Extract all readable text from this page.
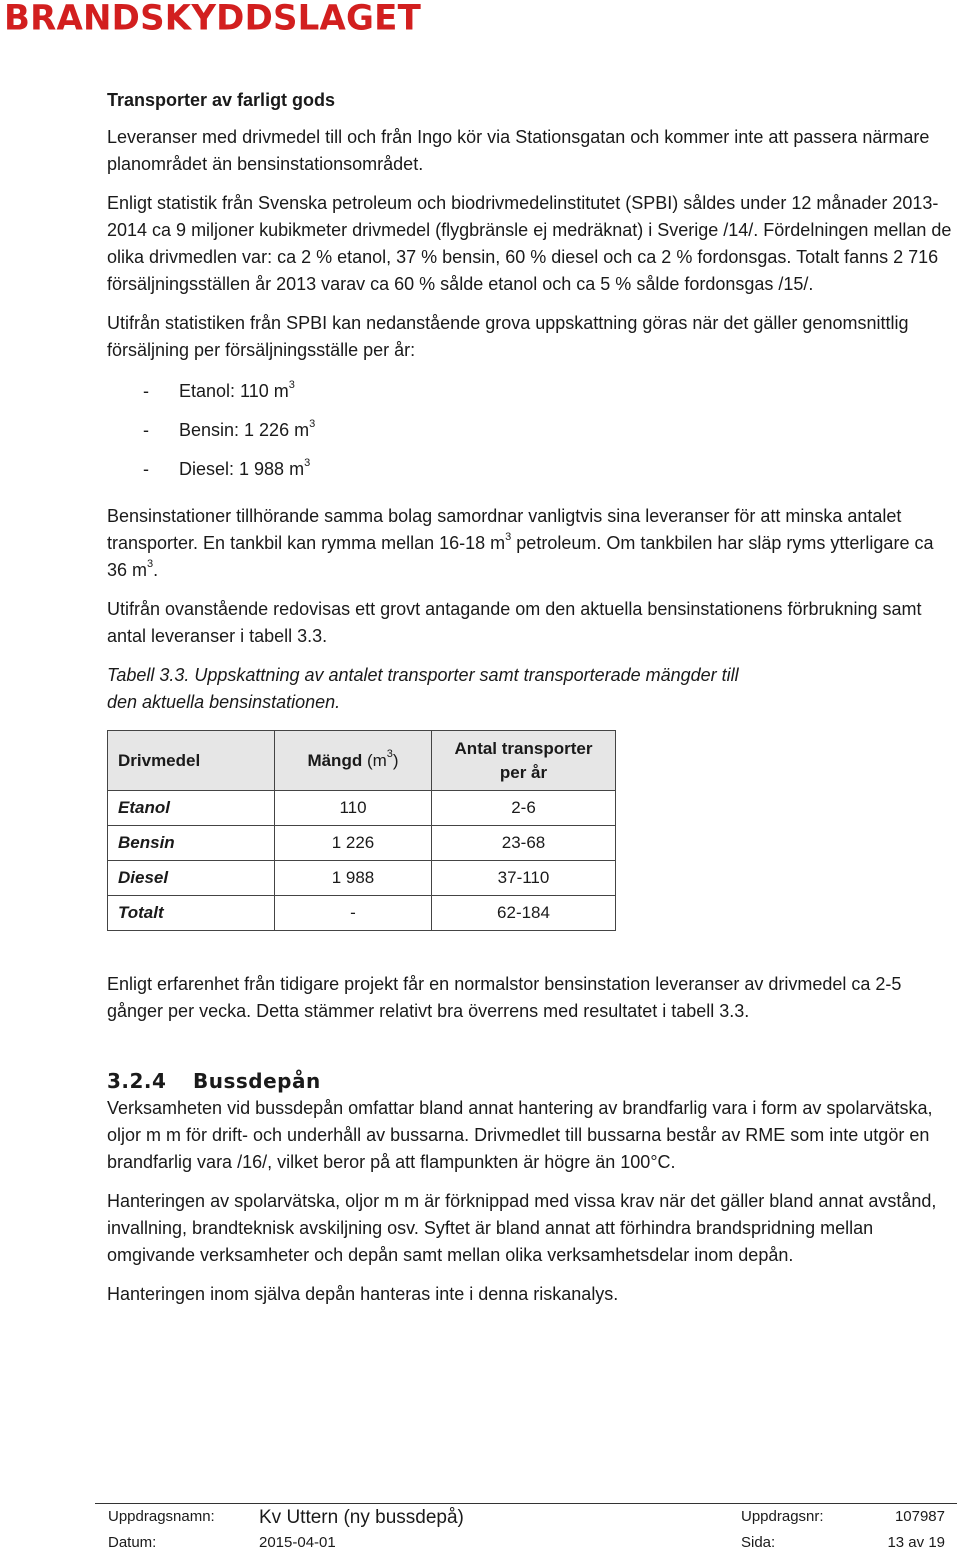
BRANDSKYDDSLAGET
Transporter av farligt gods

Leveranser med drivmedel till och från Ingo kör via Stationsgatan och kommer inte att passera närmare planområdet än bensinstationsområdet.

Enligt statistik från Svenska petroleum och biodrivmedelinstitutet (SPBI) såldes under 12 månader 2013-2014 ca 9 miljoner kubikmeter drivmedel (flygbränsle ej medräknat) i Sverige /14/. Fördelningen mellan de olika drivmedlen var: ca 2 % etanol, 37 % bensin, 60 % diesel och ca 2 % fordonsgas. Totalt fanns 2 716 försäljningsställen år 2013 varav ca 60 % sålde etanol och ca 5 % sålde fordonsgas /15/.

Utifrån statistiken från SPBI kan nedanstående grova uppskattning göras när det gäller genomsnittlig försäljning per försäljningsställe per år:

-	Etanol: 110 $m^3$
-	Bensin: 1 226 $m^3$
-	Diesel: 1 988 $m^3$

Bensinstationer tillhörande samma bolag samordnar vanligtvis sina leveranser för att minska antalet transporter. En tankbil kan rymma mellan 16-18 $m^3$ petroleum. Om tankbilen har släp ryms ytterligare ca 36 $m^3$.

Utifrån ovanstående redovisas ett grovt antagande om den aktuella bensinstationens förbrukning samt antal leveranser i tabell 3.3.

Tabell 3.3. Uppskattning av antalet transporter samt transporterade mängder till den aktuella bensinstationen.
Drivmedel	Mängd $(m^3)$	Antal transporter
per år
Etanol	110	2-6
Bensin	1 226	23-68
Diesel	1 988	37-110
Totalt	-	62-184

Enligt erfarenhet från tidigare projekt får en normalstor bensinstation leveranser av drivmedel ca 2-5 gånger per vecka. Detta stämmer relativt bra överrens med resultatet i tabell 3.3.

3.2.4 Bussdepån

Verksamheten vid bussdepån omfattar bland annat hantering av brandfarlig vara i form av spolarvätska, oljor m m för drift- och underhåll av bussarna. Drivmedlet till bussarna består av RME som inte utgör en brandfarlig vara /16/, vilket beror på att flampunkten är högre än 100°C.

Hanteringen av spolarvätska, oljor m m är förknippad med vissa krav när det gäller bland annat avstånd, invallning, brandteknisk avskiljning osv. Syftet är bland annat att förhindra brandspridning mellan omgivande verksamheter och depån samt mellan olika verksamhetsdelar inom depån.

Hanteringen inom själva depån hanteras inte i denna riskanalys.

Uppdragsnamn: Kv Uttern (ny bussdepå)	Uppdragsnr:	107987
Datum:	2015-04-01	Sida:	13 av 19
